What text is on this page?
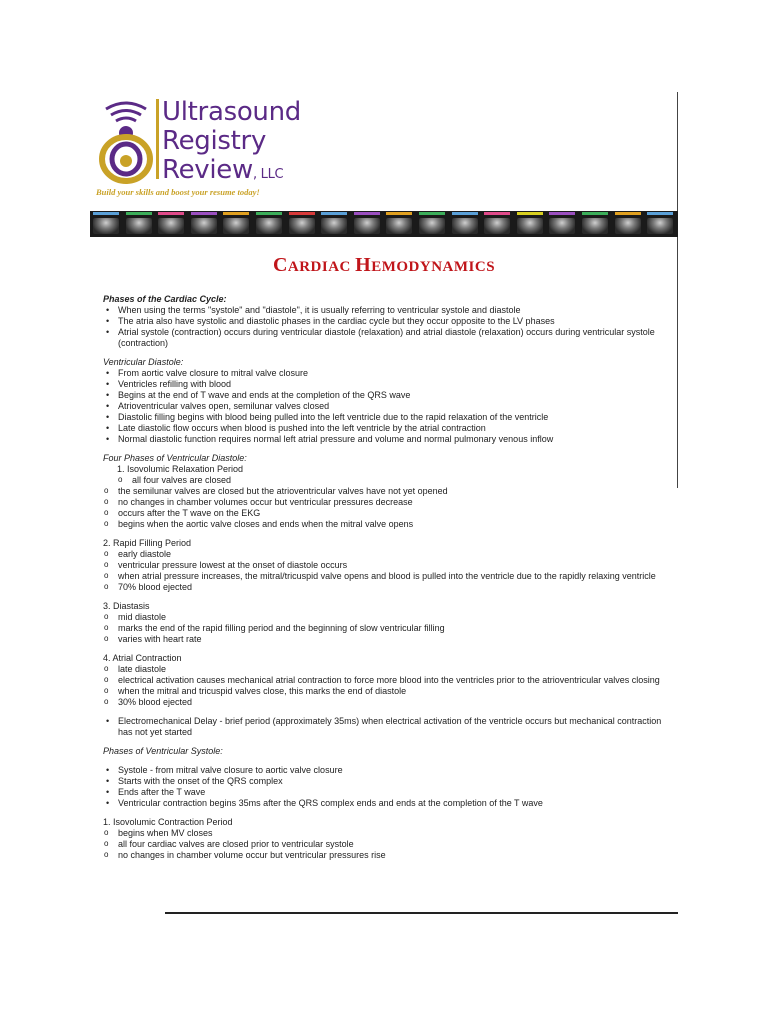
Ultrasound
Registry
Review, LLC
Build your skills and boost your resume today!
CARDIAC HEMODYNAMICS
Phases of the Cardiac Cycle:
• When using the terms "systole" and "diastole", it is usually referring to ventricular systole and diastole
• The atria also have systolic and diastolic phases in the cardiac cycle but they occur opposite to the LV phases
• Atrial systole (contraction) occurs during ventricular diastole (relaxation) and atrial diastole (relaxation) occurs during ventricular systole (contraction)
Ventricular Diastole:
• From aortic valve closure to mitral valve closure
• Ventricles refilling with blood
• Begins at the end of T wave and ends at the completion of the QRS wave
• Atrioventricular valves open, semilunar valves closed
• Diastolic filling begins with blood being pulled into the left ventricle due to the rapid relaxation of the ventricle
• Late diastolic flow occurs when blood is pushed into the left ventricle by the atrial contraction
• Normal diastolic function requires normal left atrial pressure and volume and normal pulmonary venous inflow
Four Phases of Ventricular Diastole:
1. Isovolumic Relaxation Period
o all four valves are closed
o the semilunar valves are closed but the atrioventricular valves have not yet opened
o no changes in chamber volumes occur but ventricular pressures decrease
o occurs after the T wave on the EKG
o begins when the aortic valve closes and ends when the mitral valve opens
2. Rapid Filling Period
o early diastole
o ventricular pressure lowest at the onset of diastole occurs
o when atrial pressure increases, the mitral/tricuspid valve opens and blood is pulled into the ventricle due to the rapidly relaxing ventricle
o 70% blood ejected
3. Diastasis
o mid diastole
o marks the end of the rapid filling period and the beginning of slow ventricular filling
o varies with heart rate
4. Atrial Contraction
o late diastole
o electrical activation causes mechanical atrial contraction to force more blood into the ventricles prior to the atrioventricular valves closing
o when the mitral and tricuspid valves close, this marks the end of diastole
o 30% blood ejected
• Electromechanical Delay - brief period (approximately 35ms) when electrical activation of the ventricle occurs but mechanical contraction has not yet started
Phases of Ventricular Systole:
• Systole - from mitral valve closure to aortic valve closure
• Starts with the onset of the QRS complex
• Ends after the T wave
• Ventricular contraction begins 35ms after the QRS complex ends and ends at the completion of the T wave
1. Isovolumic Contraction Period
o begins when MV closes
o all four cardiac valves are closed prior to ventricular systole
o no changes in chamber volume occur but ventricular pressures rise
